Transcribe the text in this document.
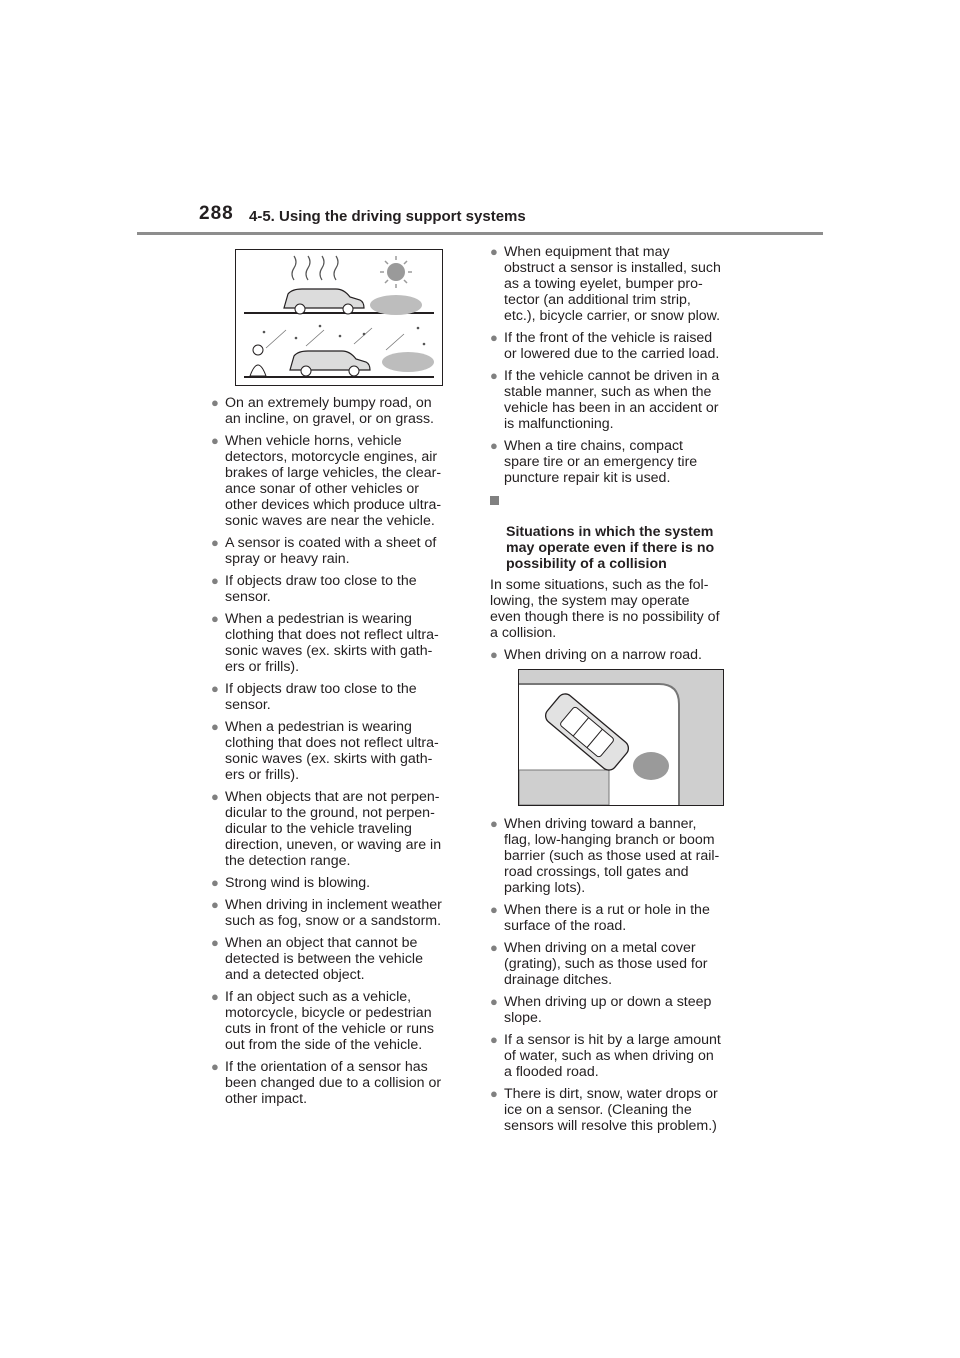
288 4-5. Using the driving support systems
● On an extremely bumpy road, on
an incline, on gravel, or on grass.
● When vehicle horns, vehicle
detectors, motorcycle engines, air
brakes of large vehicles, the clear-
ance sonar of other vehicles or
other devices which produce ultra-
sonic waves are near the vehicle.
● A sensor is coated with a sheet of
spray or heavy rain.
● If objects draw too close to the
sensor.
● When a pedestrian is wearing
clothing that does not reflect ultra-
sonic waves (ex. skirts with gath-
ers or frills).
● If objects draw too close to the
sensor.
● When a pedestrian is wearing
clothing that does not reflect ultra-
sonic waves (ex. skirts with gath-
ers or frills).
● When objects that are not perpen-
dicular to the ground, not perpen-
dicular to the vehicle traveling
direction, uneven, or waving are in
the detection range.
● Strong wind is blowing.
● When driving in inclement weather
such as fog, snow or a sandstorm.
● When an object that cannot be
detected is between the vehicle
and a detected object.
● If an object such as a vehicle,
motorcycle, bicycle or pedestrian
cuts in front of the vehicle or runs
out from the side of the vehicle.
● If the orientation of a sensor has
been changed due to a collision or
other impact.
● When equipment that may
obstruct a sensor is installed, such
as a towing eyelet, bumper pro-
tector (an additional trim strip,
etc.), bicycle carrier, or snow plow.
● If the front of the vehicle is raised
or lowered due to the carried load.
● If the vehicle cannot be driven in a
stable manner, such as when the
vehicle has been in an accident or
is malfunctioning.
● When a tire chains, compact
spare tire or an emergency tire
puncture repair kit is used.

Situations in which the system
may operate even if there is no
possibility of a collision

In some situations, such as the fol-
lowing, the system may operate
even though there is no possibility of
a collision.
● When driving on a narrow road.
● When driving toward a banner,
flag, low-hanging branch or boom
barrier (such as those used at rail-
road crossings, toll gates and
parking lots).
● When there is a rut or hole in the
surface of the road.
● When driving on a metal cover
(grating), such as those used for
drainage ditches.
● When driving up or down a steep
slope.
● If a sensor is hit by a large amount
of water, such as when driving on
a flooded road.
● There is dirt, snow, water drops or
ice on a sensor. (Cleaning the
sensors will resolve this problem.)
